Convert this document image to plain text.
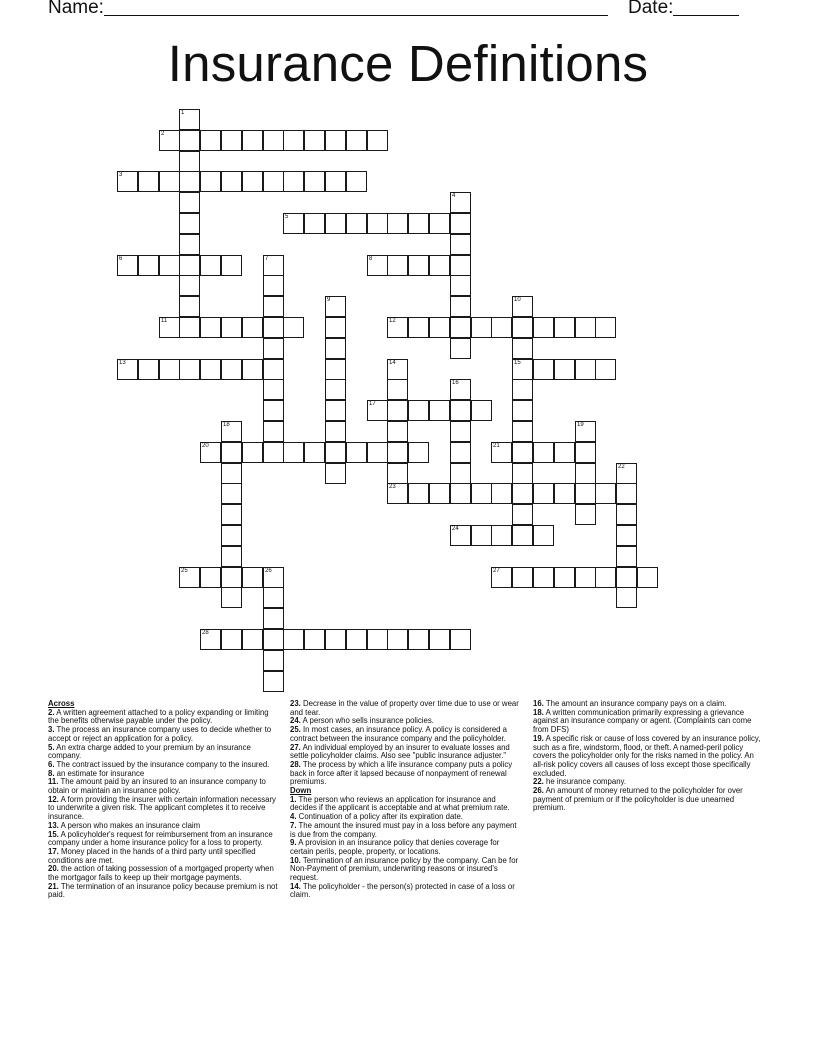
Name:	Date:
Insurance Definitions
1
2
3
4
5
6	7	8
9	10
15
11	12
13	14
16
17
18	19
20	21
22
23
24
25	26	27
28
Across
2. A written agreement attached to a policy expanding or limiting the benefits otherwise payable under the policy.
3. The process an insurance company uses to decide whether to accept or reject an application for a policy.
5. An extra charge added to your premium by an insurance company.
6. The contract issued by the insurance company to the insured.
8. an estimate for insurance
11. The amount paid by an insured to an insurance company to obtain or maintain an insurance policy.
12. A form providing the insurer with certain information necessary to underwrite a given risk. The applicant completes it to receive insurance.
13. A person who makes an insurance claim
15. A policyholder's request for reimbursement from an insurance company under a home insurance policy for a loss to property.
17. Money placed in the hands of a third party until specified conditions are met.
20. the action of taking possession of a mortgaged property when the mortgagor fails to keep up their mortgage payments.
21. The termination of an insurance policy because premium is not paid.
23. Decrease in the value of property over time due to use or wear and tear.
24. A person who sells insurance policies.
25. In most cases, an insurance policy. A policy is considered a contract between the insurance company and the policyholder.
27. An individual employed by an insurer to evaluate losses and settle policyholder claims. Also see "public insurance adjuster."
28. The process by which a life insurance company puts a policy back in force after it lapsed because of nonpayment of renewal premiums.
Down
1. The person who reviews an application for insurance and decides if the applicant is acceptable and at what premium rate.
4. Continuation of a policy after its expiration date.
7. The amount the insured must pay in a loss before any payment is due from the company.
9. A provision in an insurance policy that denies coverage for certain perils, people, property, or locations.
10. Termination of an insurance policy by the company. Can be for Non-Payment of premium, underwriting reasons or insured's request.
14. The policyholder - the person(s) protected in case of a loss or claim.
16. The amount an insurance company pays on a claim.
18. A written communication primarily expressing a grievance against an insurance company or agent. (Complaints can come from DFS)
19. A specific risk or cause of loss covered by an insurance policy, such as a fire, windstorm, flood, or theft. A named-peril policy covers the policyholder only for the risks named in the policy. An all-risk policy covers all causes of loss except those specifically excluded.
22. he insurance company.
26. An amount of money returned to the policyholder for over payment of premium or if the policyholder is due unearned premium.
